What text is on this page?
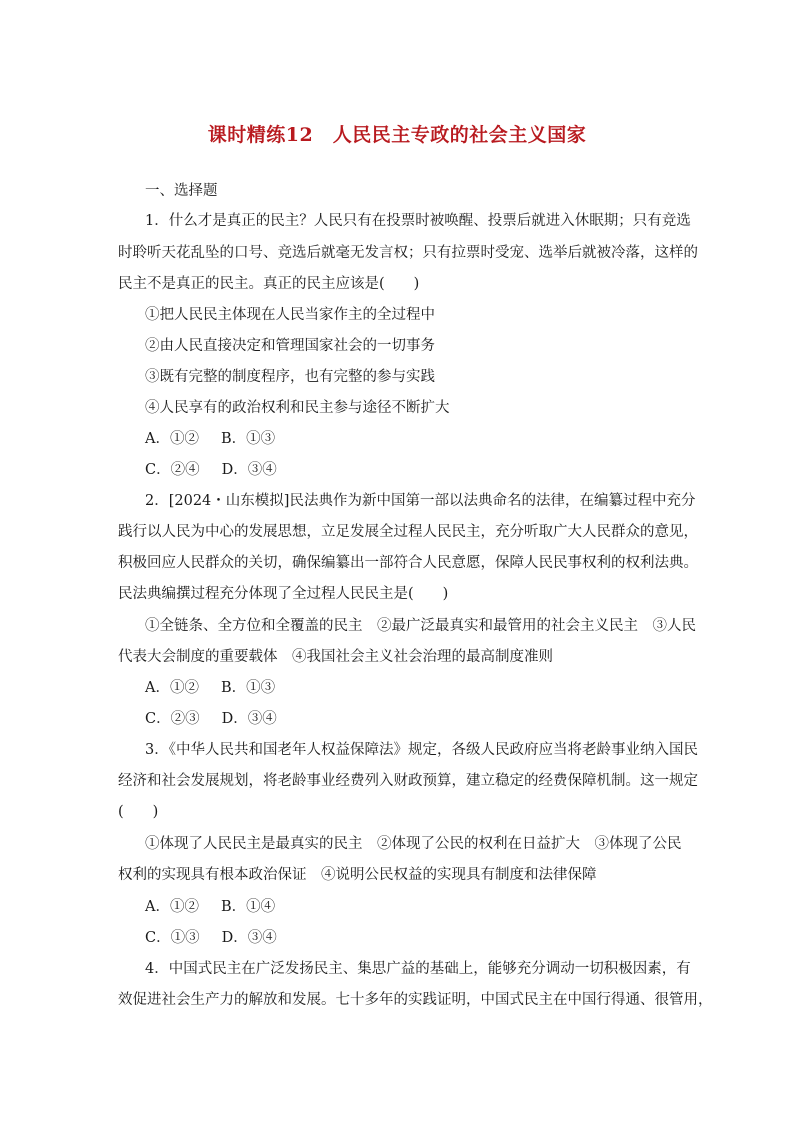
课时精练12　人民民主专政的社会主义国家
一、选择题
1．什么才是真正的民主？人民只有在投票时被唤醒、投票后就进入休眠期；只有竞选
时聆听天花乱坠的口号、竞选后就毫无发言权；只有拉票时受宠、选举后就被冷落，这样的
民主不是真正的民主。真正的民主应该是(　　)
①把人民民主体现在人民当家作主的全过程中
②由人民直接决定和管理国家社会的一切事务
③既有完整的制度程序，也有完整的参与实践
④人民享有的政治权利和民主参与途径不断扩大
A．①② B．①③
C．②④ D．③④
2．[2024・山东模拟]民法典作为新中国第一部以法典命名的法律，在编纂过程中充分
践行以人民为中心的发展思想，立足发展全过程人民民主，充分听取广大人民群众的意见，
积极回应人民群众的关切，确保编纂出一部符合人民意愿，保障人民民事权利的权利法典。
民法典编撰过程充分体现了全过程人民民主是(　　)
①全链条、全方位和全覆盖的民主　②最广泛最真实和最管用的社会主义民主　③人民
代表大会制度的重要载体　④我国社会主义社会治理的最高制度准则
A．①② B．①③
C．②③ D．③④
3．《中华人民共和国老年人权益保障法》规定，各级人民政府应当将老龄事业纳入国民
经济和社会发展规划，将老龄事业经费列入财政预算，建立稳定的经费保障机制。这一规定
(　　)
①体现了人民民主是最真实的民主　②体现了公民的权利在日益扩大　③体现了公民
权利的实现具有根本政治保证　④说明公民权益的实现具有制度和法律保障
A．①② B．①④
C．①③ D．③④
4．中国式民主在广泛发扬民主、集思广益的基础上，能够充分调动一切积极因素，有
效促进社会生产力的解放和发展。七十多年的实践证明，中国式民主在中国行得通、很管用，
